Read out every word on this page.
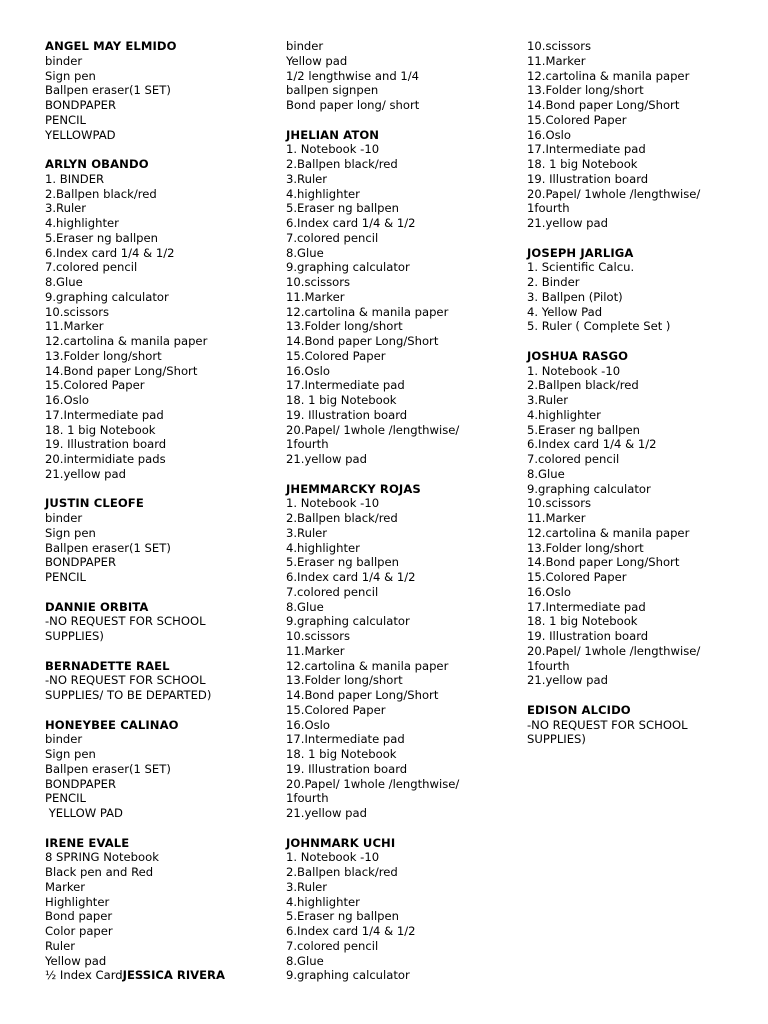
ANGEL MAY ELMIDO
binder
Sign pen
Ballpen eraser(1 SET)
BONDPAPER
PENCIL
YELLOWPAD
ARLYN OBANDO
1. BINDER
2.Ballpen black/red
3.Ruler
4.highlighter
5.Eraser ng ballpen
6.Index card 1/4 & 1/2
7.colored pencil
8.Glue
9.graphing calculator
10.scissors
11.Marker
12.cartolina & manila paper
13.Folder long/short
14.Bond paper Long/Short
15.Colored Paper
16.Oslo
17.Intermediate pad
18. 1 big Notebook
19. Illustration board
20.intermidiate pads
21.yellow pad
JUSTIN CLEOFE
binder
Sign pen
Ballpen eraser(1 SET)
BONDPAPER
PENCIL
DANNIE ORBITA
-NO REQUEST FOR SCHOOL
SUPPLIES)
BERNADETTE RAEL
-NO REQUEST FOR SCHOOL
SUPPLIES/ TO BE DEPARTED)
HONEYBEE CALINAO
binder
Sign pen
Ballpen eraser(1 SET)
BONDPAPER
PENCIL
YELLOW PAD
IRENE EVALE
8 SPRING Notebook
Black pen and Red
Marker
Highlighter
Bond paper
Color paper
Ruler
Yellow pad
½ Index CardJESSICA RIVERA
binder
Yellow pad
1/2 lengthwise and 1/4
ballpen signpen
Bond paper long/ short
JHELIAN ATON
1. Notebook -10
2.Ballpen black/red
3.Ruler
4.highlighter
5.Eraser ng ballpen
6.Index card 1/4 & 1/2
7.colored pencil
8.Glue
9.graphing calculator
10.scissors
11.Marker
12.cartolina & manila paper
13.Folder long/short
14.Bond paper Long/Short
15.Colored Paper
16.Oslo
17.Intermediate pad
18. 1 big Notebook
19. Illustration board
20.Papel/ 1whole /lengthwise/
1fourth
21.yellow pad
JHEMMARCKY ROJAS
1. Notebook -10
2.Ballpen black/red
3.Ruler
4.highlighter
5.Eraser ng ballpen
6.Index card 1/4 & 1/2
7.colored pencil
8.Glue
9.graphing calculator
10.scissors
11.Marker
12.cartolina & manila paper
13.Folder long/short
14.Bond paper Long/Short
15.Colored Paper
16.Oslo
17.Intermediate pad
18. 1 big Notebook
19. Illustration board
20.Papel/ 1whole /lengthwise/
1fourth
21.yellow pad
JOHNMARK UCHI
1. Notebook -10
2.Ballpen black/red
3.Ruler
4.highlighter
5.Eraser ng ballpen
6.Index card 1/4 & 1/2
7.colored pencil
8.Glue
9.graphing calculator
10.scissors
11.Marker
12.cartolina & manila paper
13.Folder long/short
14.Bond paper Long/Short
15.Colored Paper
16.Oslo
17.Intermediate pad
18. 1 big Notebook
19. Illustration board
20.Papel/ 1whole /lengthwise/
1fourth
21.yellow pad
JOSEPH JARLIGA
1. Scientific Calcu.
2. Binder
3. Ballpen (Pilot)
4. Yellow Pad
5. Ruler ( Complete Set )
JOSHUA RASGO
1. Notebook -10
2.Ballpen black/red
3.Ruler
4.highlighter
5.Eraser ng ballpen
6.Index card 1/4 & 1/2
7.colored pencil
8.Glue
9.graphing calculator
10.scissors
11.Marker
12.cartolina & manila paper
13.Folder long/short
14.Bond paper Long/Short
15.Colored Paper
16.Oslo
17.Intermediate pad
18. 1 big Notebook
19. Illustration board
20.Papel/ 1whole /lengthwise/
1fourth
21.yellow pad
EDISON ALCIDO
-NO REQUEST FOR SCHOOL
SUPPLIES)
